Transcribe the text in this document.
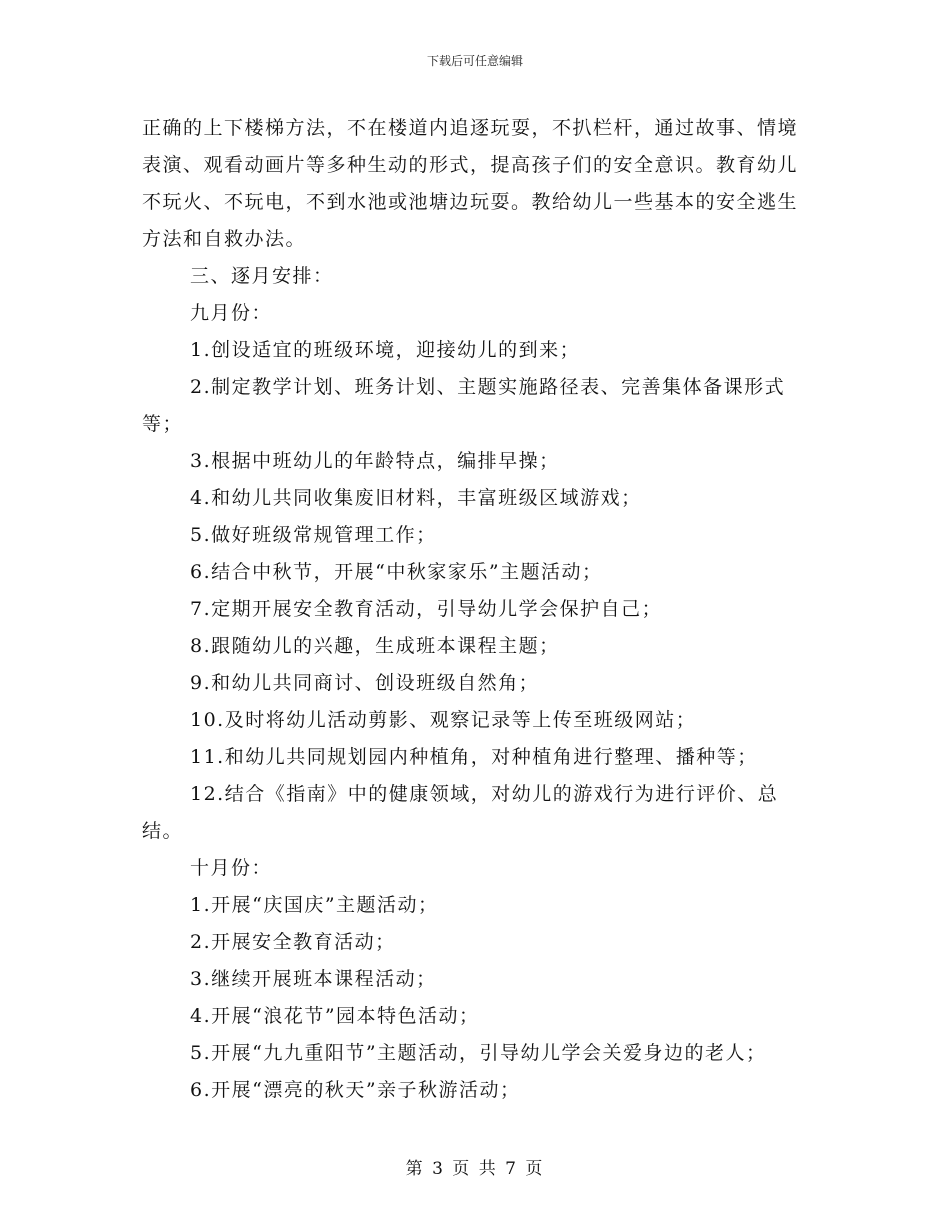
下载后可任意编辑

正确的上下楼梯方法，不在楼道内追逐玩耍，不扒栏杆，通过故事、情境表演、观看动画片等多种生动的形式，提高孩子们的安全意识。教育幼儿不玩火、不玩电，不到水池或池塘边玩耍。教给幼儿一些基本的安全逃生方法和自救办法。

三、逐月安排：

九月份：

1.创设适宜的班级环境，迎接幼儿的到来；

2.制定教学计划、班务计划、主题实施路径表、完善集体备课形式等；

3.根据中班幼儿的年龄特点，编排早操；

4.和幼儿共同收集废旧材料，丰富班级区域游戏；

5.做好班级常规管理工作；

6.结合中秋节，开展“中秋家家乐”主题活动；

7.定期开展安全教育活动，引导幼儿学会保护自己；

8.跟随幼儿的兴趣，生成班本课程主题；

9.和幼儿共同商讨、创设班级自然角；

10.及时将幼儿活动剪影、观察记录等上传至班级网站；

11.和幼儿共同规划园内种植角，对种植角进行整理、播种等；

12.结合《指南》中的健康领域，对幼儿的游戏行为进行评价、总结。

十月份：

1.开展“庆国庆”主题活动；

2.开展安全教育活动；

3.继续开展班本课程活动；

4.开展“浪花节”园本特色活动；

5.开展“九九重阳节”主题活动，引导幼儿学会关爱身边的老人；

6.开展“漂亮的秋天”亲子秋游活动；

第 3 页 共 7 页
